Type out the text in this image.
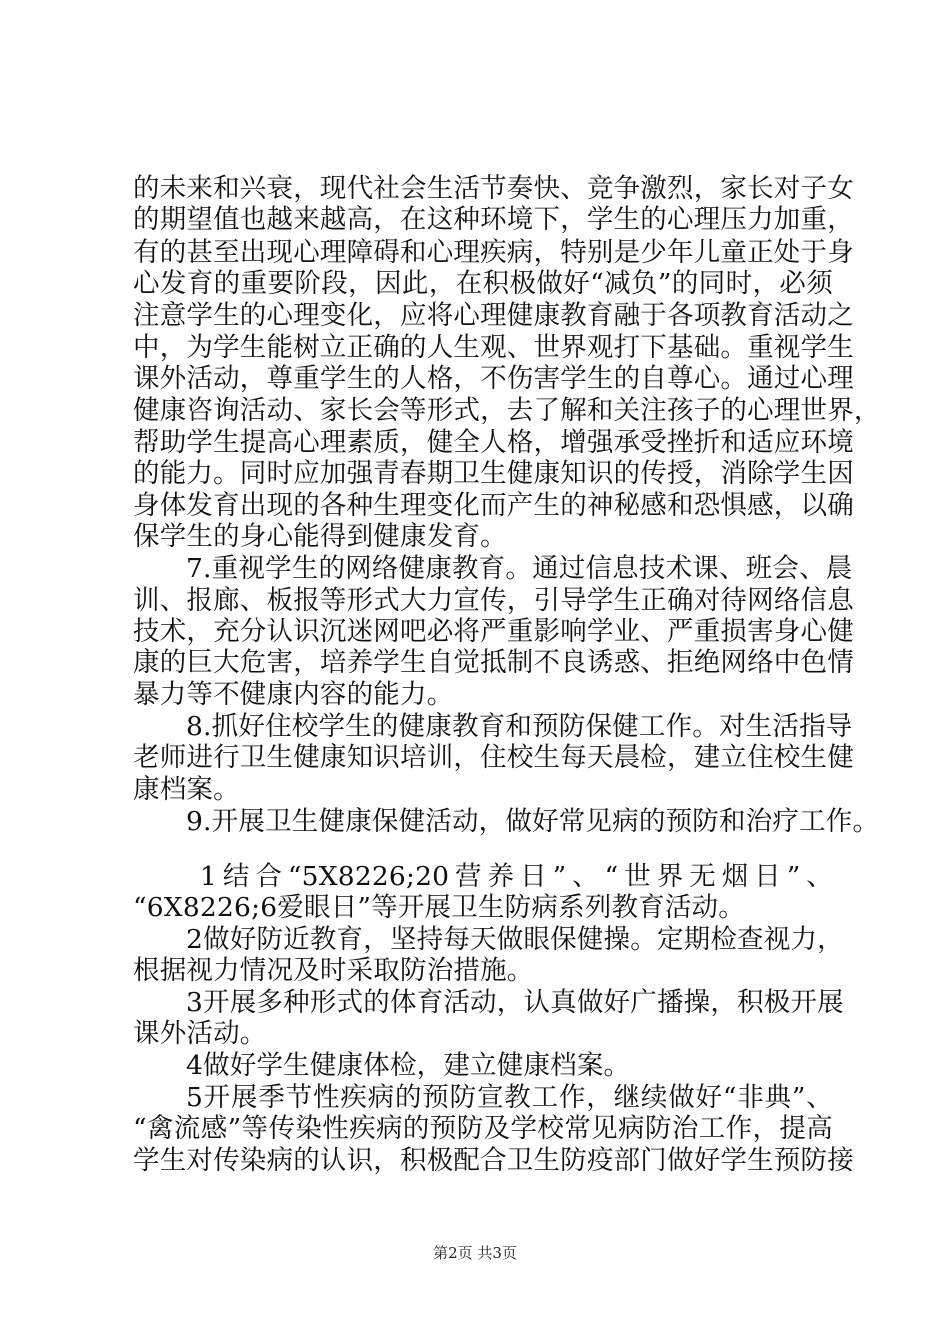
的未来和兴衰，现代社会生活节奏快、竞争激烈，家长对子女
的期望值也越来越高，在这种环境下，学生的心理压力加重，
有的甚至出现心理障碍和心理疾病，特别是少年儿童正处于身
心发育的重要阶段，因此，在积极做好“减负”的同时，必须
注意学生的心理变化，应将心理健康教育融于各项教育活动之
中，为学生能树立正确的人生观、世界观打下基础。重视学生
课外活动，尊重学生的人格，不伤害学生的自尊心。通过心理
健康咨询活动、家长会等形式，去了解和关注孩子的心理世界，
帮助学生提高心理素质，健全人格，增强承受挫折和适应环境
的能力。同时应加强青春期卫生健康知识的传授，消除学生因
身体发育出现的各种生理变化而产生的神秘感和恐惧感，以确
保学生的身心能得到健康发育。
7.重视学生的网络健康教育。通过信息技术课、班会、晨
训、报廊、板报等形式大力宣传，引导学生正确对待网络信息
技术，充分认识沉迷网吧必将严重影响学业、严重损害身心健
康的巨大危害，培养学生自觉抵制不良诱惑、拒绝网络中色情
暴力等不健康内容的能力。
8.抓好住校学生的健康教育和预防保健工作。对生活指导
老师进行卫生健康知识培训，住校生每天晨检，建立住校生健
康档案。
9.开展卫生健康保健活动，做好常见病的预防和治疗工作。
1结合“5X8226;20营养日”、“世界无烟日”、
“6X8226;6爱眼日”等开展卫生防病系列教育活动。
2做好防近教育，坚持每天做眼保健操。定期检查视力，
根据视力情况及时采取防治措施。
3开展多种形式的体育活动，认真做好广播操，积极开展
课外活动。
4做好学生健康体检，建立健康档案。
5开展季节性疾病的预防宣教工作，继续做好“非典”、
“禽流感”等传染性疾病的预防及学校常见病防治工作，提高
学生对传染病的认识，积极配合卫生防疫部门做好学生预防接
第2页 共3页
